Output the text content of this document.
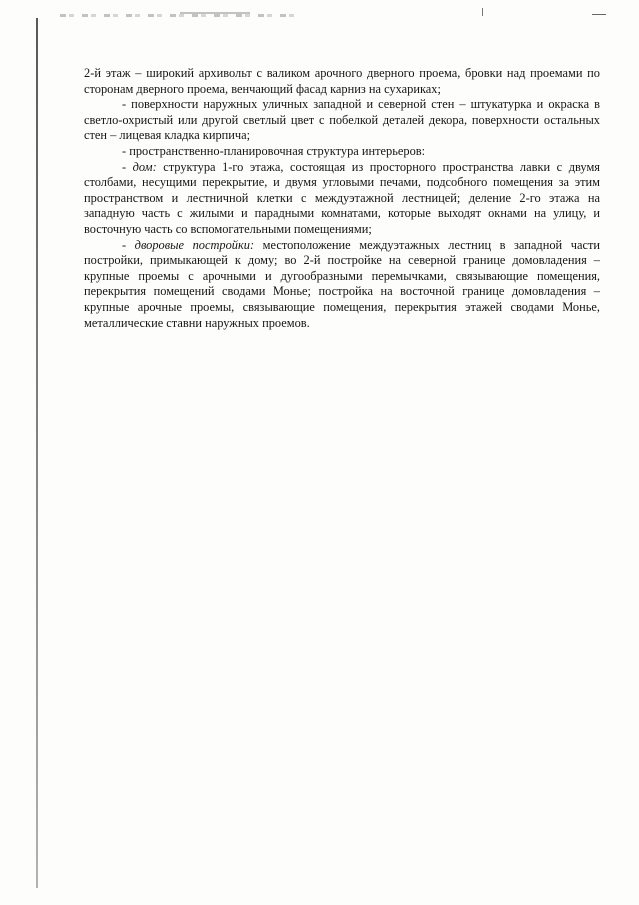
2-й этаж – широкий архивольт с валиком арочного дверного проема, бровки над проемами по сторонам дверного проема, венчающий фасад карниз на сухариках;

- поверхности наружных уличных западной и северной стен – штукатурка и окраска в светло-охристый или другой светлый цвет с побелкой деталей декора, поверхности остальных стен – лицевая кладка кирпича;

- пространственно-планировочная структура интерьеров:

- дом: структура 1-го этажа, состоящая из просторного пространства лавки с двумя столбами, несущими перекрытие, и двумя угловыми печами, подсобного помещения за этим пространством и лестничной клетки с междуэтажной лестницей; деление 2-го этажа на западную часть с жилыми и парадными комнатами, которые выходят окнами на улицу, и восточную часть со вспомогательными помещениями;

- дворовые постройки: местоположение междуэтажных лестниц в западной части постройки, примыкающей к дому; во 2-й постройке на северной границе домовладения – крупные проемы с арочными и дугообразными перемычками, связывающие помещения, перекрытия помещений сводами Монье; постройка на восточной границе домовладения – крупные арочные проемы, связывающие помещения, перекрытия этажей сводами Монье, металлические ставни наружных проемов.
